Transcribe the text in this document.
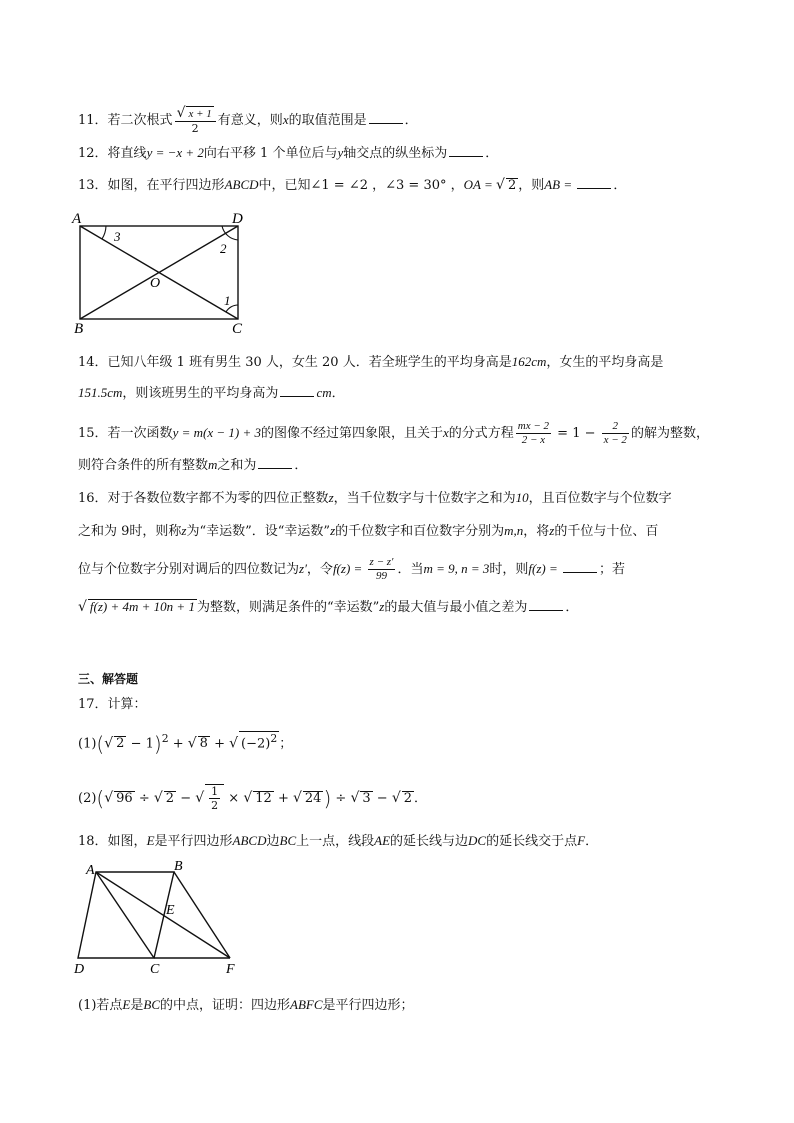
11．若二次根式 $\frac{√ x + 1}{2}$ 有意义，则x的取值范围是	．
12．将直线y = −x + 2向右平移 1 个单位后与y轴交点的纵坐标为	．
13．如图，在平行四边形ABCD中，已知∠1 = ∠2 ，∠3 = 30° ，OA = √ 2 ，则AB =	．
A	D
B	C
O
3
2
1
14．已知八年级 1 班有男生 30 人，女生 20 人．若全班学生的平均身高是162cm，女生的平均身高是
151.5cm，则该班男生的平均身高为	cm．
15．若一次函数y = m(x − 1) + 3的图像不经过第四象限，且关于x的分式方程 $\frac{mx - 2}{2 - x} = 1 - \frac{2}{x - 2}$ 的解为整数，
则符合条件的所有整数m之和为	．
16．对于各数位数字都不为零的四位正整数z，当千位数字与十位数字之和为10，且百位数字与个位数字
之和为 9时，则称z为“幸运数”．设“幸运数”z的千位数字和百位数字分别为m,n，将z的千位与十位、百
位与个位数字分别对调后的四位数记为z′，令$f(z) = \frac{z - z'}{99}$ ．当m = 9, n = 3时，则f(z) =	；若
√ f(z) + 4m + 10n + 1 为整数，则满足条件的“幸运数”z的最大值与最小值之差为	．
三、解答题
17．计算：
(1)(√ 2 − 1)$^2$ + √ 8 + √ $(-2)^2$ ；
(2)(√ 96 ÷ √ 2 − √ $\frac{1}{2}$ × √ 12 + √ 24 ) ÷ √ 3 − √ 2 ．
18．如图，E是平行四边形ABCD边BC上一点，线段AE的延长线与边DC的延长线交于点F．
A	B
D	C	F
E
(1)若点E是BC的中点，证明：四边形ABFC是平行四边形；
